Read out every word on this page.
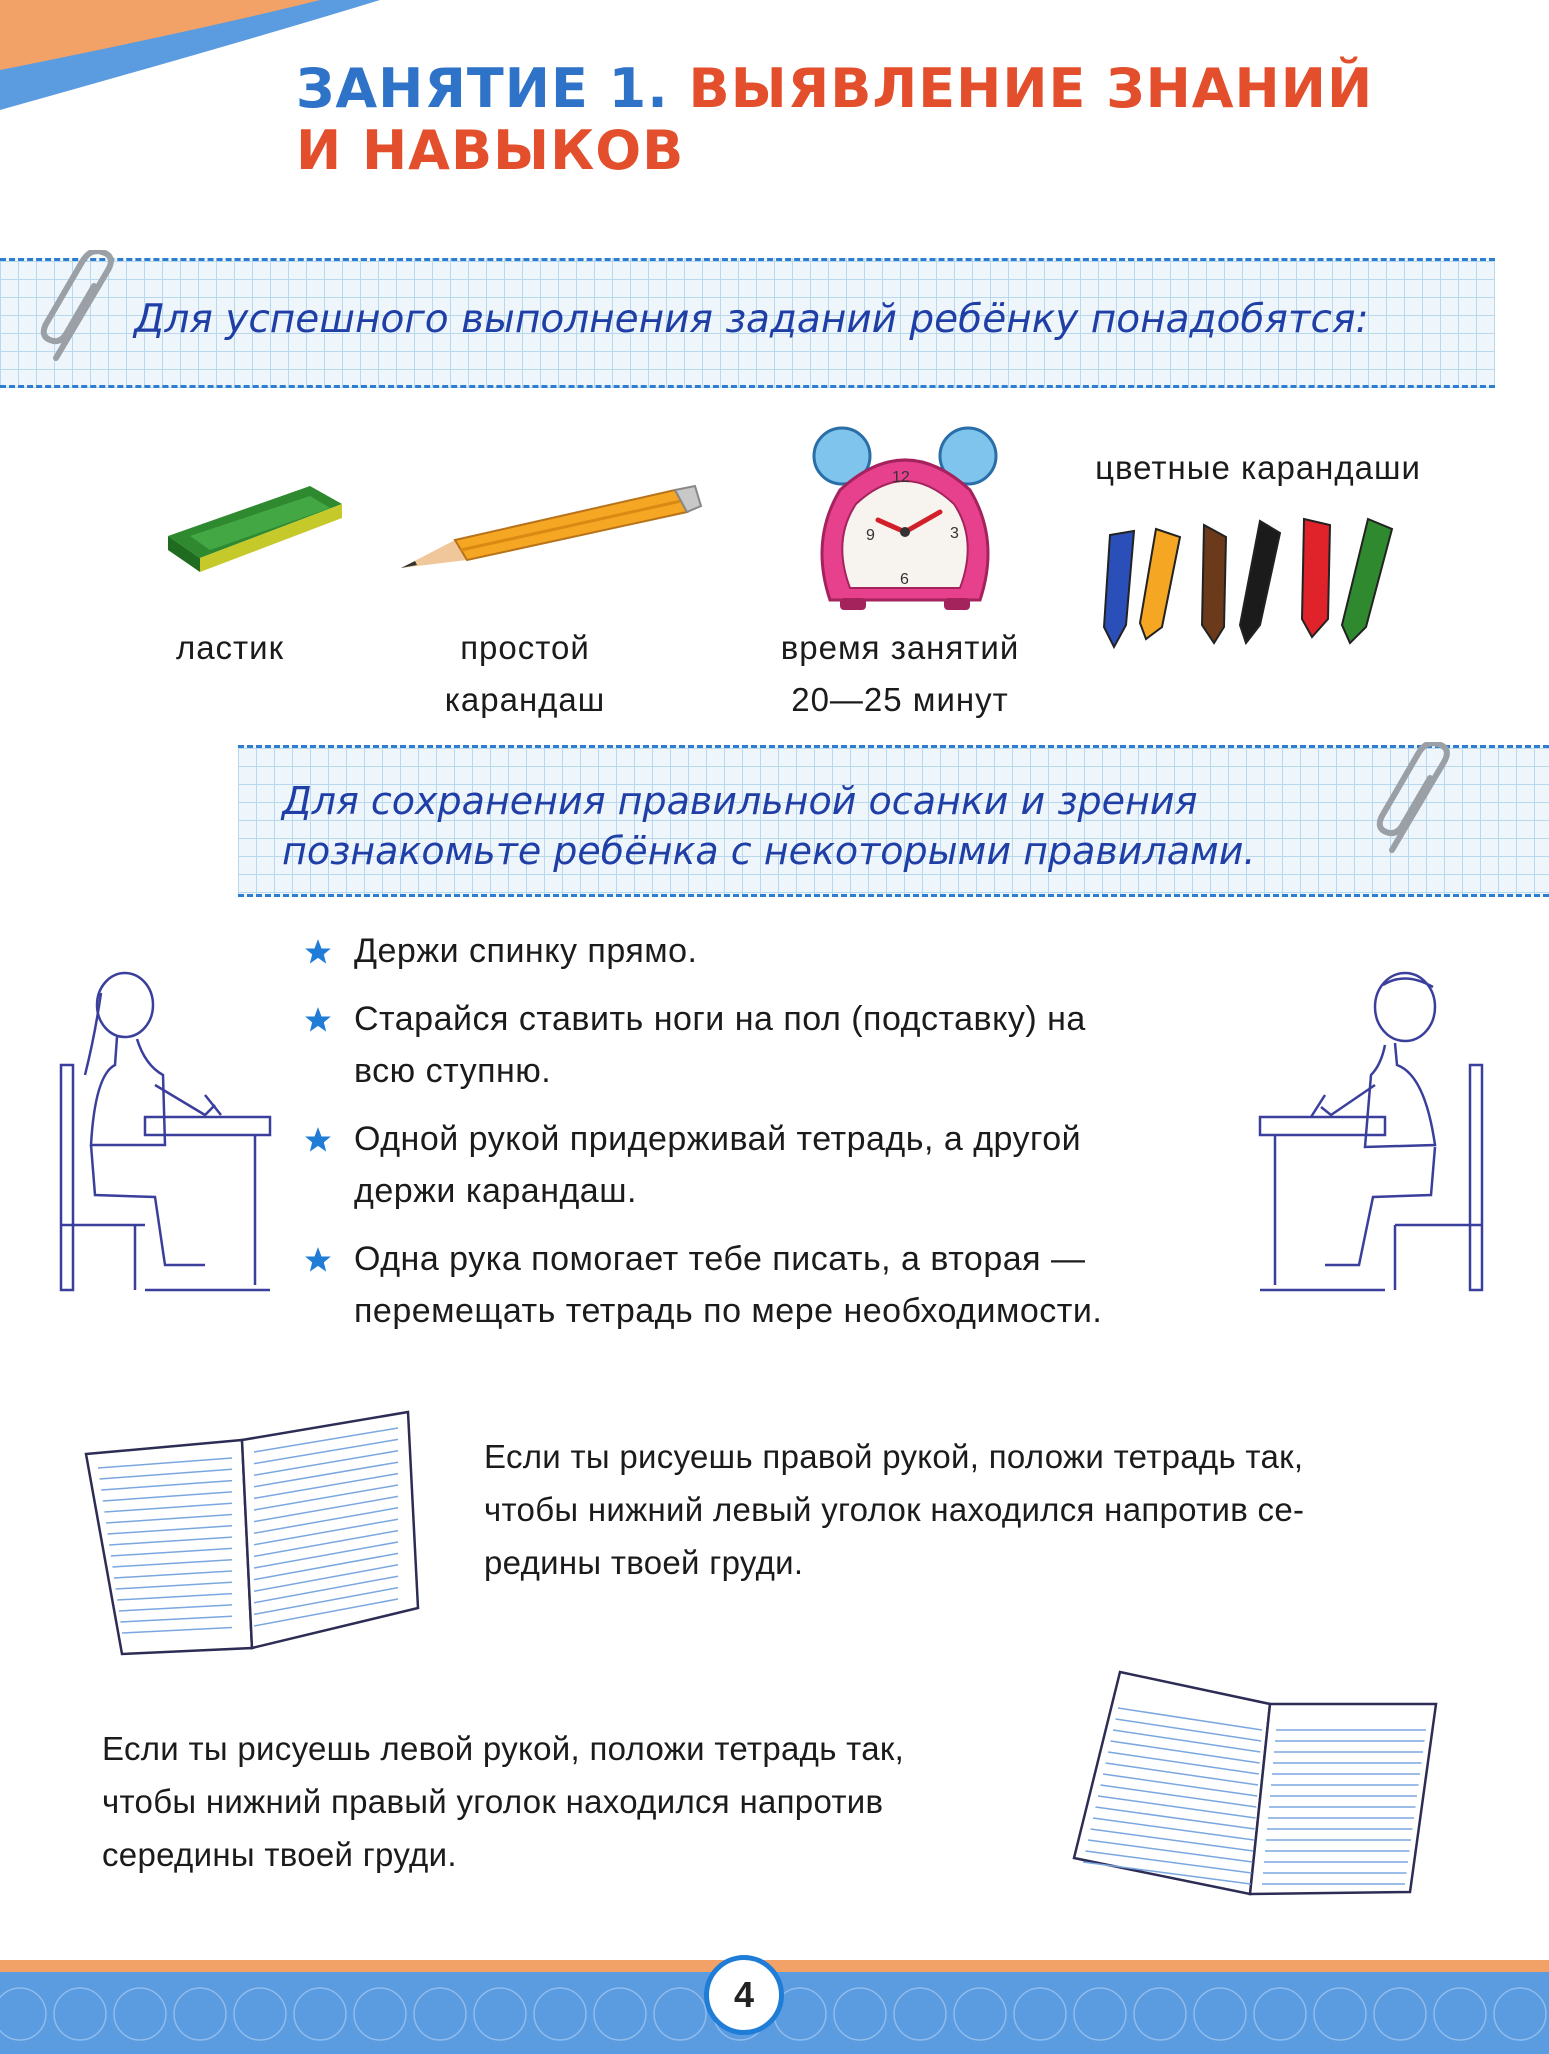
ЗАНЯТИЕ 1. ВЫЯВЛЕНИЕ ЗНАНИЙ
И НАВЫКОВ

Для успешного выполнения заданий ребёнку понадобятся:

12
3
9
6

ластик	простой
карандаш

время занятий
20—25 минут

цветные карандаши

Для сохранения правильной осанки и зрения
познакомьте ребёнка с некоторыми правилами.

Держи спинку прямо.
Старайся ставить ноги на пол (подставку) на
всю ступню.
Одной рукой придерживай тетрадь, а другой
держи карандаш.
Одна рука помогает тебе писать, а вторая —
перемещать тетрадь по мере необходимости.

Если ты рисуешь правой рукой, положи тетрадь так,
чтобы нижний левый уголок находился напротив се-
редины твоей груди.

Если ты рисуешь левой рукой, положи тетрадь так,
чтобы нижний правый уголок находился напротив
середины твоей груди.

4
